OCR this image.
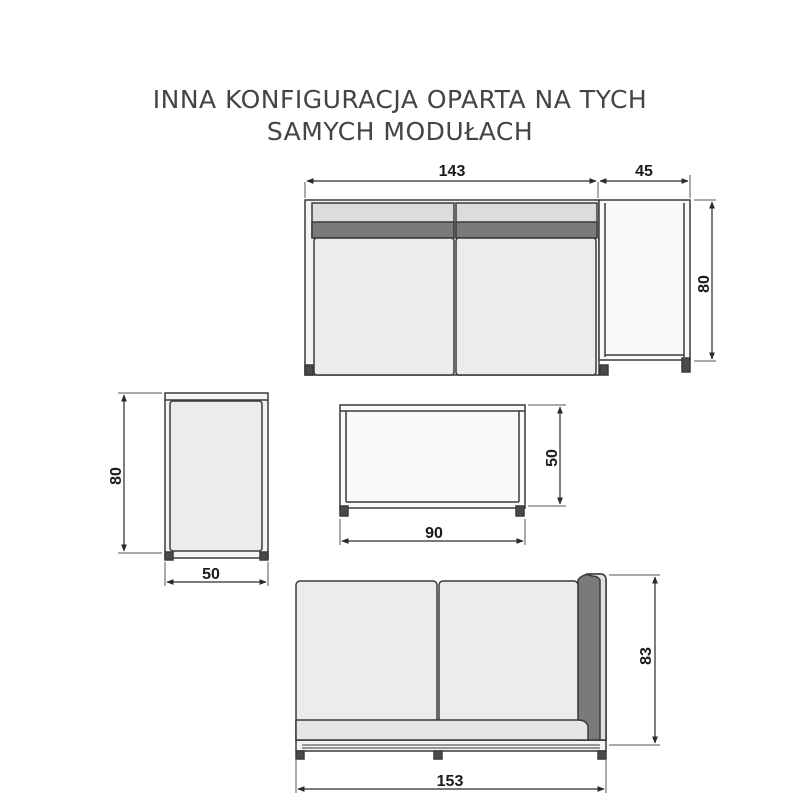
INNA KONFIGURACJA OPARTA NA TYCH
SAMYCH MODUŁACH
143	45
80
80
50
50
90
83
153
